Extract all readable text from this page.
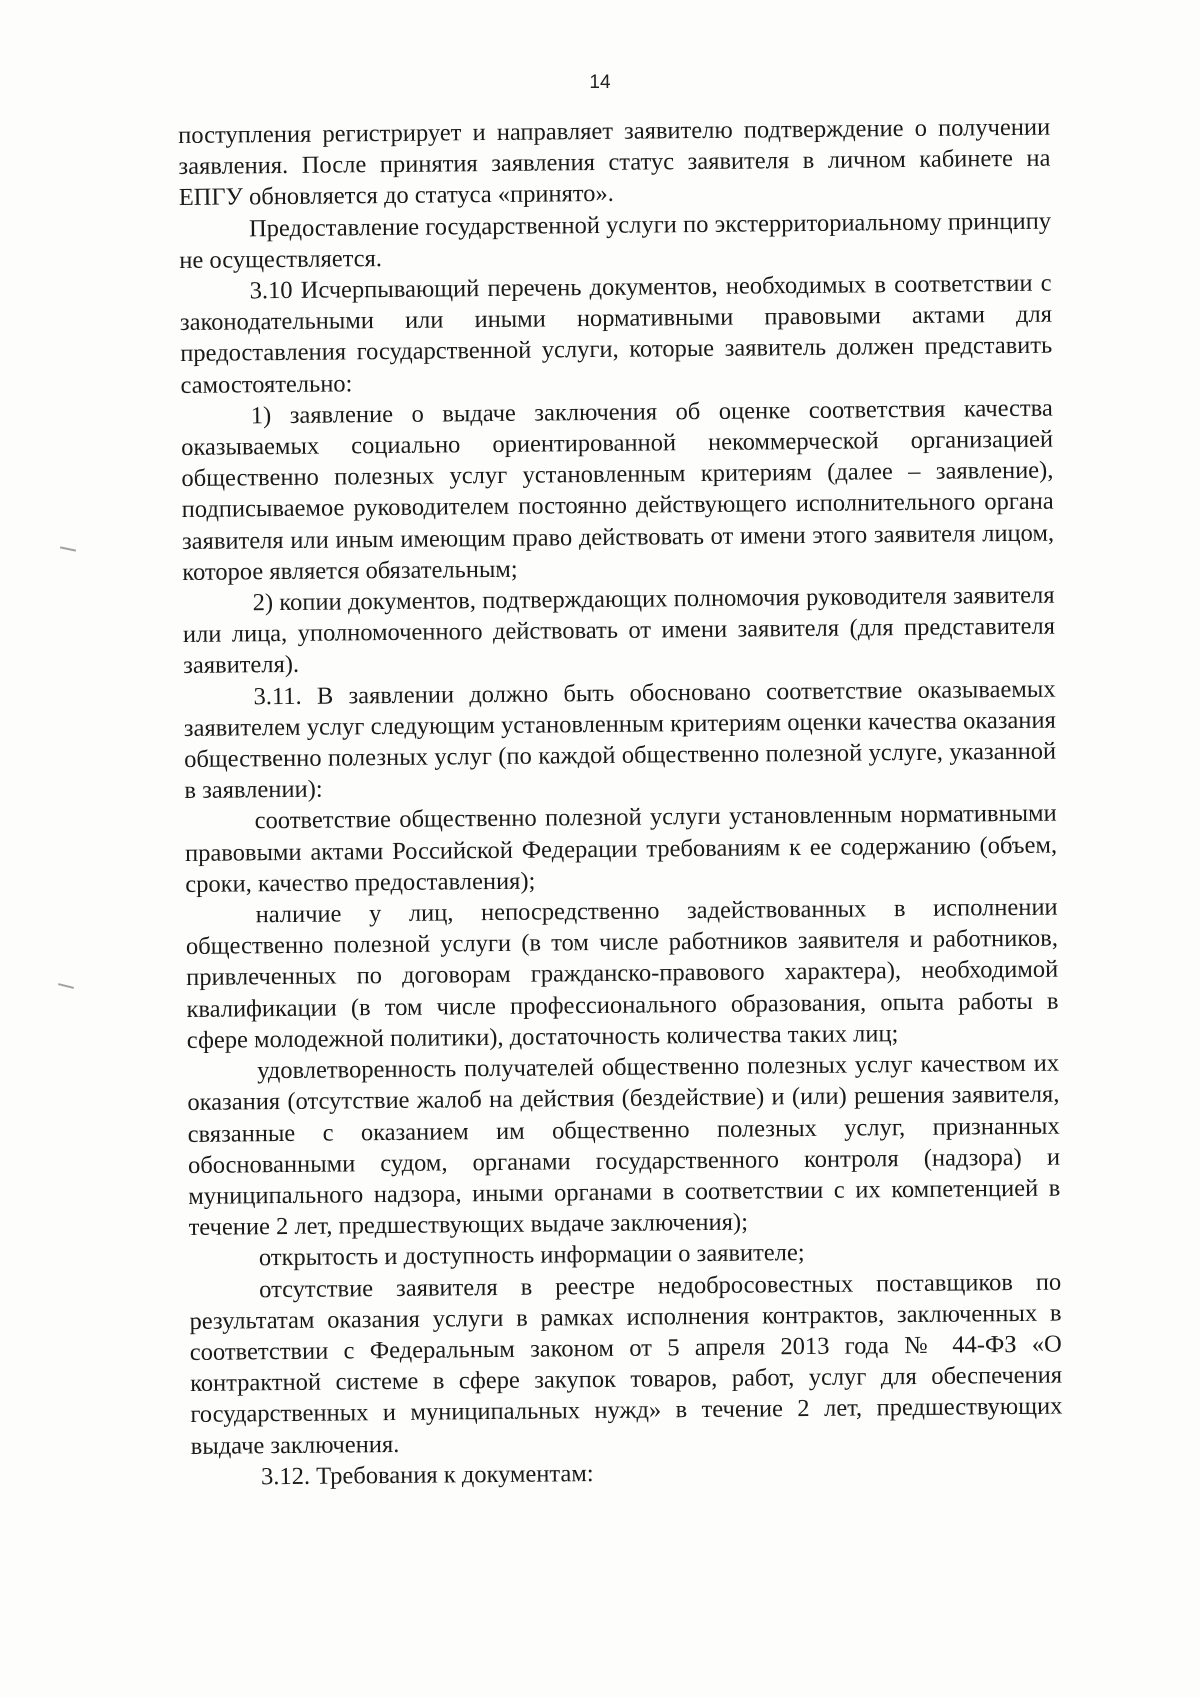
14

поступления регистрирует и направляет заявителю подтверждение о получении заявления. После принятия заявления статус заявителя в личном кабинете на ЕПГУ обновляется до статуса «принято».

Предоставление государственной услуги по экстерриториальному принципу не осуществляется.

3.10 Исчерпывающий перечень документов, необходимых в соответствии с законодательными или иными нормативными правовыми актами для предоставления государственной услуги, которые заявитель должен представить самостоятельно:

1) заявление о выдаче заключения об оценке соответствия качества оказываемых социально ориентированной некоммерческой организацией общественно полезных услуг установленным критериям (далее – заявление), подписываемое руководителем постоянно действующего исполнительного органа заявителя или иным имеющим право действовать от имени этого заявителя лицом, которое является обязательным;

2) копии документов, подтверждающих полномочия руководителя заявителя или лица, уполномоченного действовать от имени заявителя (для представителя заявителя).

3.11. В заявлении должно быть обосновано соответствие оказываемых заявителем услуг следующим установленным критериям оценки качества оказания общественно полезных услуг (по каждой общественно полезной услуге, указанной в заявлении):

соответствие общественно полезной услуги установленным нормативными правовыми актами Российской Федерации требованиям к ее содержанию (объем, сроки, качество предоставления);

наличие у лиц, непосредственно задействованных в исполнении общественно полезной услуги (в том числе работников заявителя и работников, привлеченных по договорам гражданско-правового характера), необходимой квалификации (в том числе профессионального образования, опыта работы в сфере молодежной политики), достаточность количества таких лиц;

удовлетворенность получателей общественно полезных услуг качеством их оказания (отсутствие жалоб на действия (бездействие) и (или) решения заявителя, связанные с оказанием им общественно полезных услуг, признанных обоснованными судом, органами государственного контроля (надзора) и муниципального надзора, иными органами в соответствии с их компетенцией в течение 2 лет, предшествующих выдаче заключения);

открытость и доступность информации о заявителе;

отсутствие заявителя в реестре недобросовестных поставщиков по результатам оказания услуги в рамках исполнения контрактов, заключенных в соответствии с Федеральным законом от 5 апреля 2013 года № 44-ФЗ «О контрактной системе в сфере закупок товаров, работ, услуг для обеспечения государственных и муниципальных нужд» в течение 2 лет, предшествующих выдаче заключения.

3.12. Требования к документам:
